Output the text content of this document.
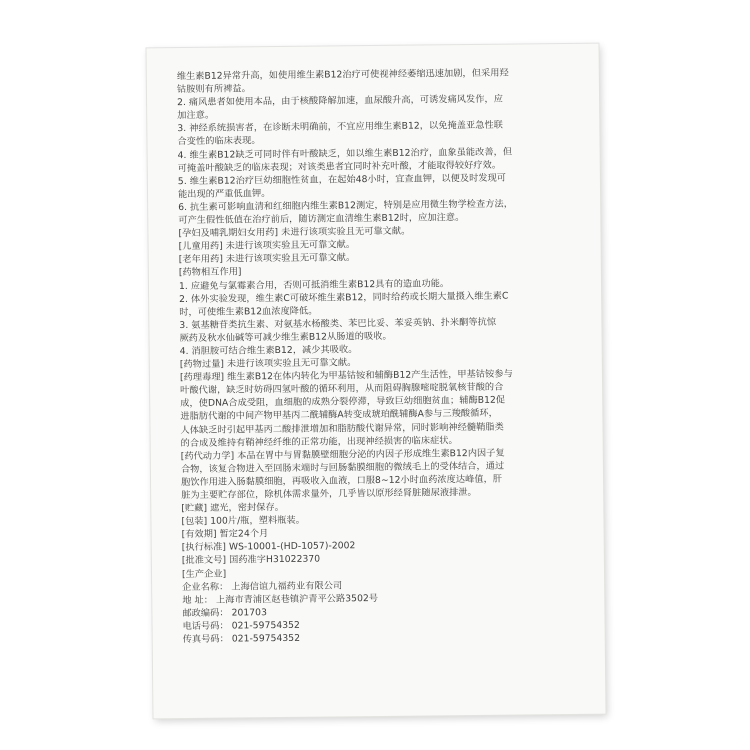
维生素B12异常升高，如使用维生素B12治疗可使视神经萎缩迅速加剧，但采用羟
钴胺则有所裨益。
2. 痛风患者如使用本品，由于核酸降解加速，血尿酸升高，可诱发痛风发作，应
加注意。
3. 神经系统损害者，在诊断未明确前，不宜应用维生素B12，以免掩盖亚急性联
合变性的临床表现。
4. 维生素B12缺乏可同时伴有叶酸缺乏，如以维生素B12治疗，血象虽能改善，但
可掩盖叶酸缺乏的临床表现；对该类患者宜同时补充叶酸，才能取得较好疗效。
5. 维生素B12治疗巨幼细胞性贫血，在起始48小时，宜查血钾，以便及时发现可
能出现的严重低血钾。
6. 抗生素可影响血清和红细胞内维生素B12测定，特别是应用微生物学检查方法，
可产生假性低值在治疗前后，随访测定血清维生素B12时，应加注意。
[孕妇及哺乳期妇女用药] 未进行该项实验且无可靠文献。
[儿童用药] 未进行该项实验且无可靠文献。
[老年用药] 未进行该项实验且无可靠文献。
[药物相互作用]
1. 应避免与氯霉素合用，否则可抵消维生素B12具有的造血功能。
2. 体外实验发现，维生素C可破坏维生素B12，同时给药或长期大量摄入维生素C
时，可使维生素B12血浓度降低。
3. 氨基糖苷类抗生素、对氨基水杨酸类、苯巴比妥、苯妥英钠、扑米酮等抗惊
厥药及秋水仙碱等可减少维生素B12从肠道的吸收。
4. 消胆胺可结合维生素B12，减少其吸收。
[药物过量] 未进行该项实验且无可靠文献。
[药理毒理] 维生素B12在体内转化为甲基钴铵和辅酶B12产生活性，甲基钴铵参与
叶酸代谢，缺乏时妨碍四氢叶酸的循环利用，从而阻碍胸腺嘧啶脱氧核苷酸的合
成，使DNA合成受阻，血细胞的成熟分裂停滞，导致巨幼细胞贫血；辅酶B12促
进脂肪代谢的中间产物甲基丙二酰辅酶A转变成琥珀酰辅酶A参与三羧酸循环，
人体缺乏时引起甲基丙二酸排泄增加和脂肪酸代谢异常，同时影响神经髓鞘脂类
的合成及维持有鞘神经纤维的正常功能，出现神经损害的临床症状。
[药代动力学] 本品在胃中与胃黏膜壁细胞分泌的内因子形成维生素B12内因子复
合物，该复合物进入至回肠末端时与回肠黏膜细胞的微绒毛上的受体结合，通过
胞饮作用进入肠黏膜细胞，再吸收入血液，口服8~12小时血药浓度达峰值，肝
脏为主要贮存部位，除机体需求量外，几乎皆以原形经肾脏随尿液排泄。
[贮藏] 遮光，密封保存。
[包装] 100片/瓶，塑料瓶装。
[有效期] 暂定24个月
[执行标准] WS-10001-(HD-1057)-2002
[批准文号] 国药准字H31022370
[生产企业]
企业名称： 上海信谊九福药业有限公司
地 址： 上海市青浦区赵巷镇沪青平公路3502号
邮政编码： 201703
电话号码： 021-59754352
传真号码： 021-59754352
